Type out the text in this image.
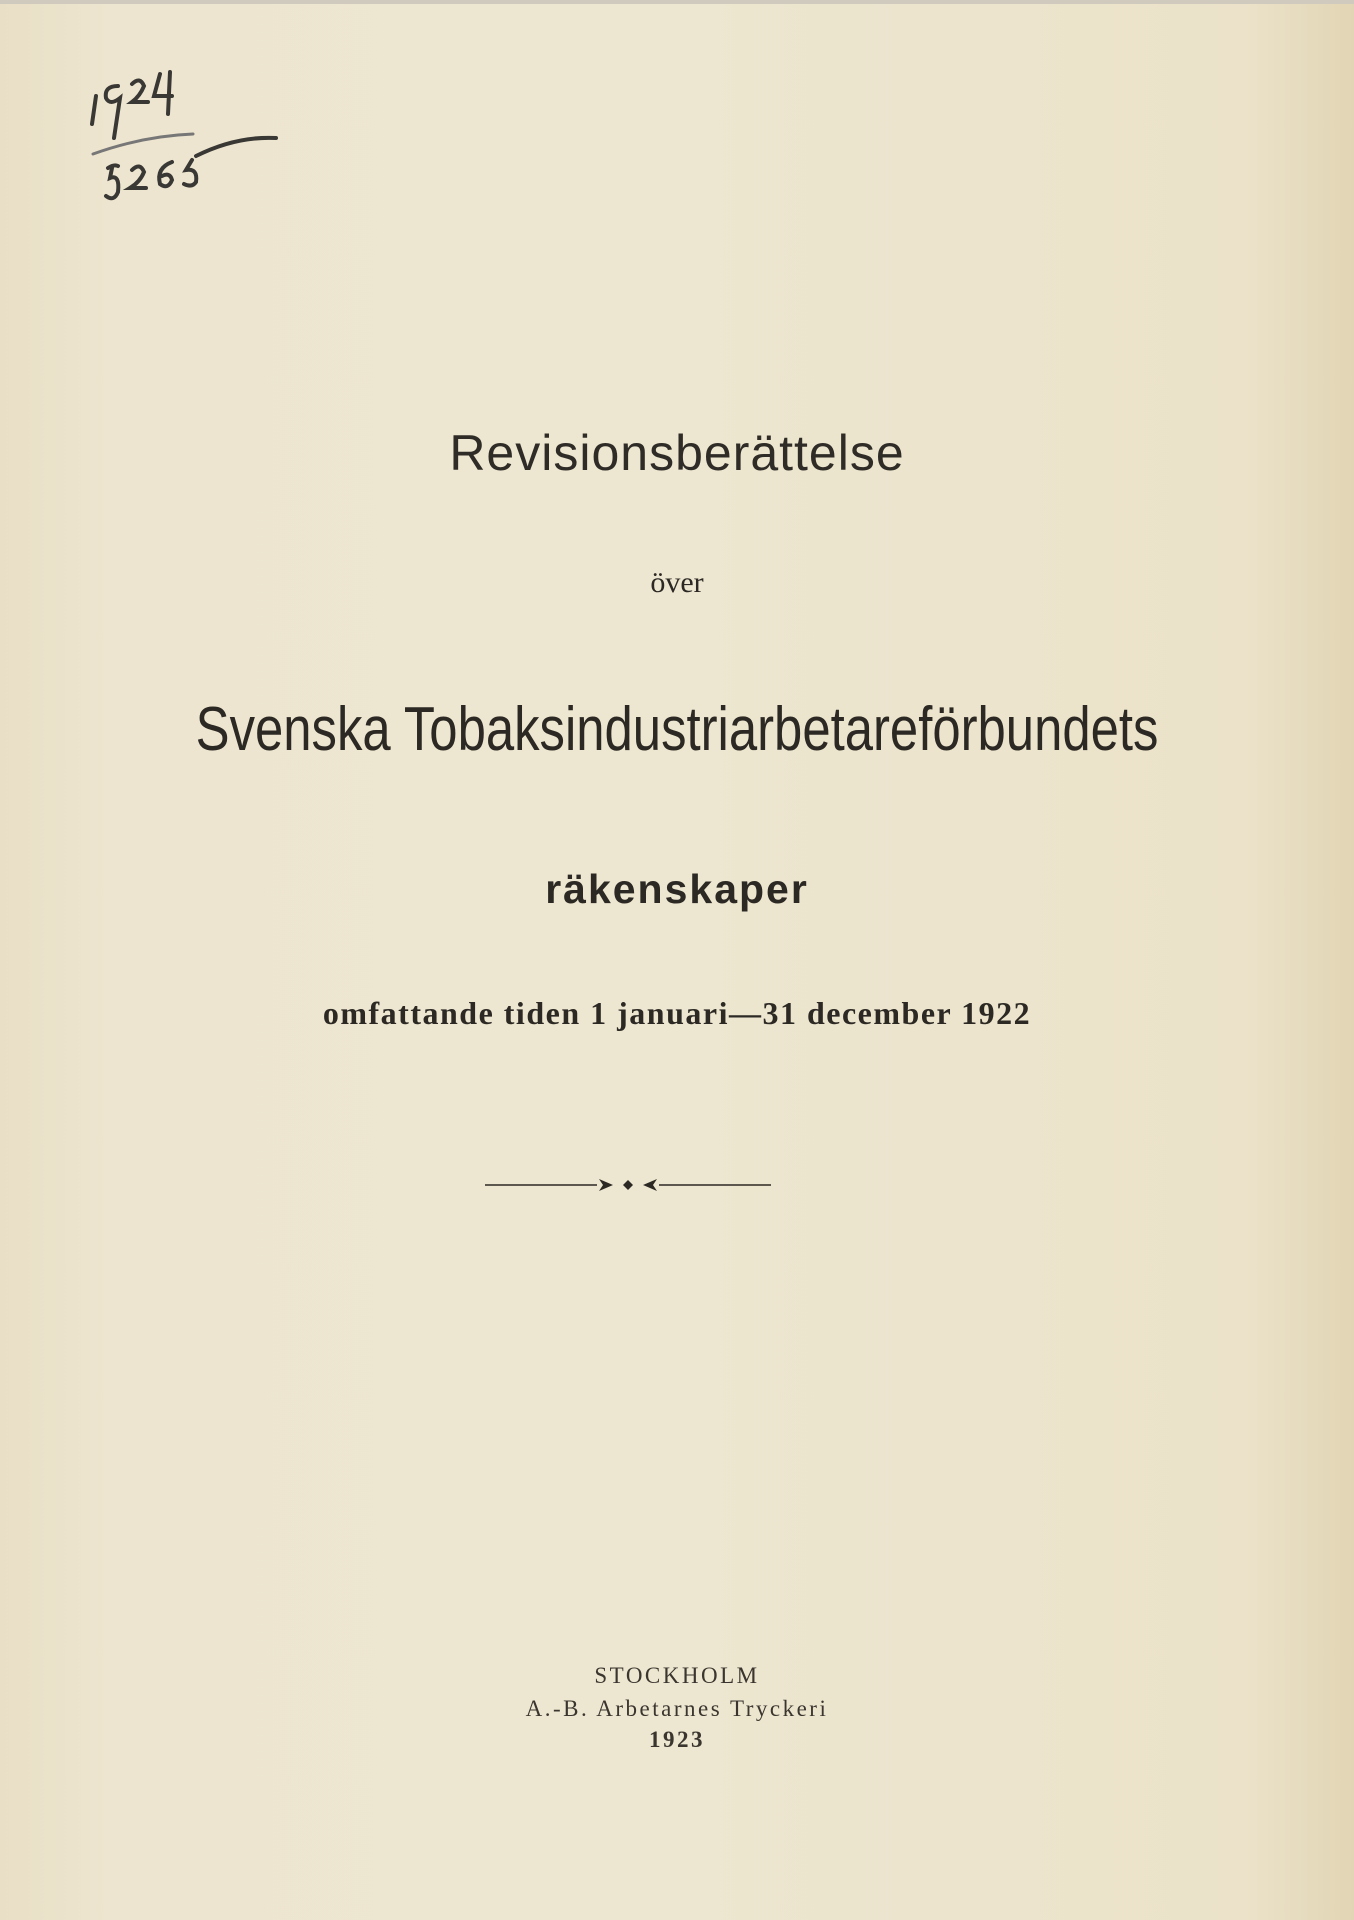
Revisionsberättelse
över
Svenska Tobaksindustriarbetareförbundets
räkenskaper
omfattande tiden 1 januari—31 december 1922
STOCKHOLM
A.-B. Arbetarnes Tryckeri
1923
